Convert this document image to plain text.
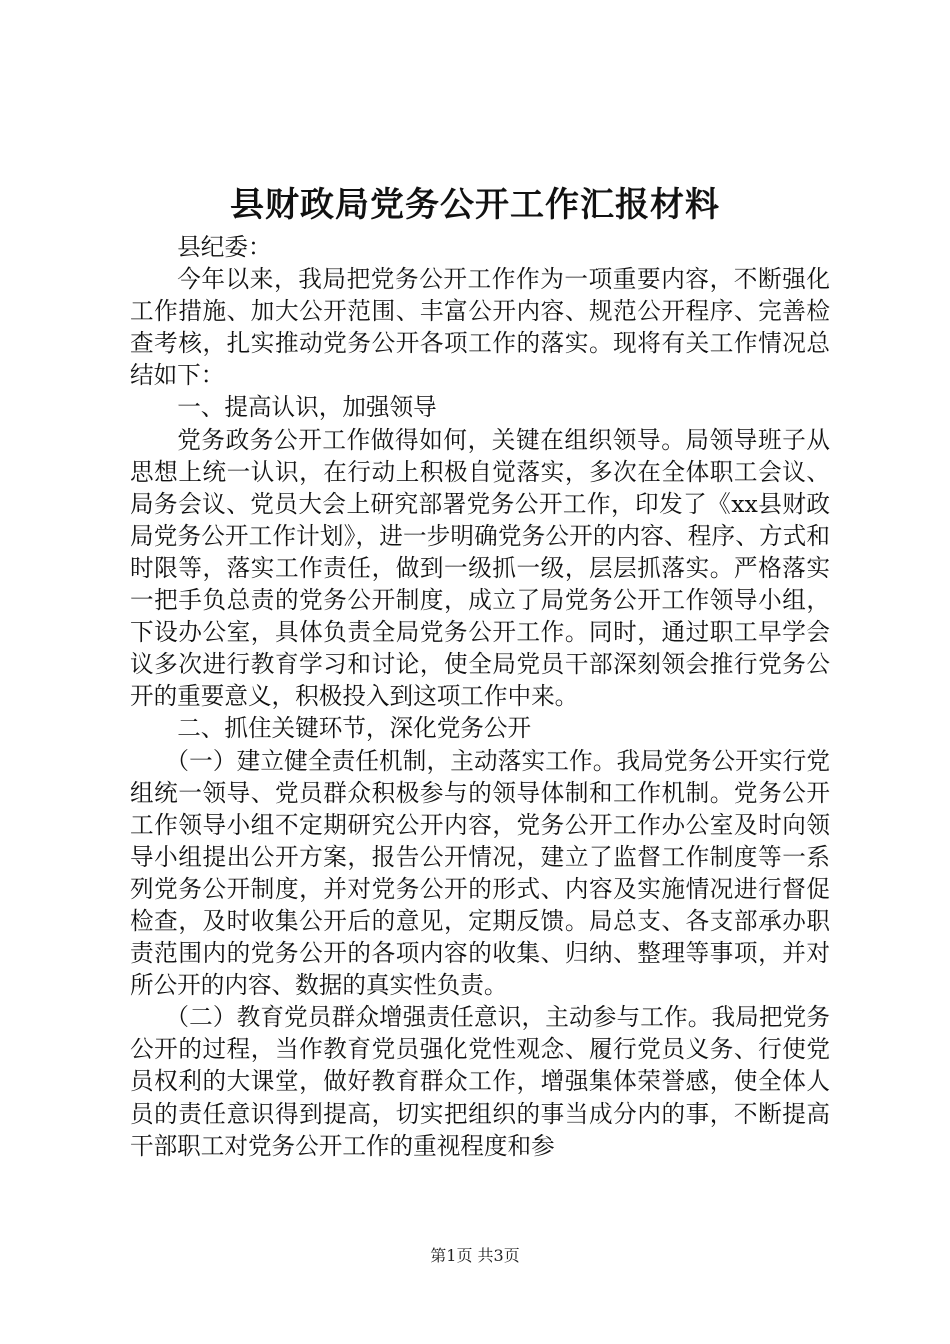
县财政局党务公开工作汇报材料

县纪委：

今年以来，我局把党务公开工作作为一项重要内容，不断强化工作措施、加大公开范围、丰富公开内容、规范公开程序、完善检查考核，扎实推动党务公开各项工作的落实。现将有关工作情况总结如下：

一、提高认识，加强领导

党务政务公开工作做得如何，关键在组织领导。局领导班子从思想上统一认识，在行动上积极自觉落实，多次在全体职工会议、局务会议、党员大会上研究部署党务公开工作，印发了《xx县财政局党务公开工作计划》，进一步明确党务公开的内容、程序、方式和时限等，落实工作责任，做到一级抓一级，层层抓落实。严格落实一把手负总责的党务公开制度，成立了局党务公开工作领导小组，下设办公室，具体负责全局党务公开工作。同时，通过职工早学会议多次进行教育学习和讨论，使全局党员干部深刻领会推行党务公开的重要意义，积极投入到这项工作中来。

二、抓住关键环节，深化党务公开

（一）建立健全责任机制，主动落实工作。我局党务公开实行党组统一领导、党员群众积极参与的领导体制和工作机制。党务公开工作领导小组不定期研究公开内容，党务公开工作办公室及时向领导小组提出公开方案，报告公开情况，建立了监督工作制度等一系列党务公开制度，并对党务公开的形式、内容及实施情况进行督促检查，及时收集公开后的意见，定期反馈。局总支、各支部承办职责范围内的党务公开的各项内容的收集、归纳、整理等事项，并对所公开的内容、数据的真实性负责。

（二）教育党员群众增强责任意识，主动参与工作。我局把党务公开的过程，当作教育党员强化党性观念、履行党员义务、行使党员权利的大课堂，做好教育群众工作，增强集体荣誉感，使全体人员的责任意识得到提高，切实把组织的事当成分内的事，不断提高干部职工对党务公开工作的重视程度和参

第1页 共3页
